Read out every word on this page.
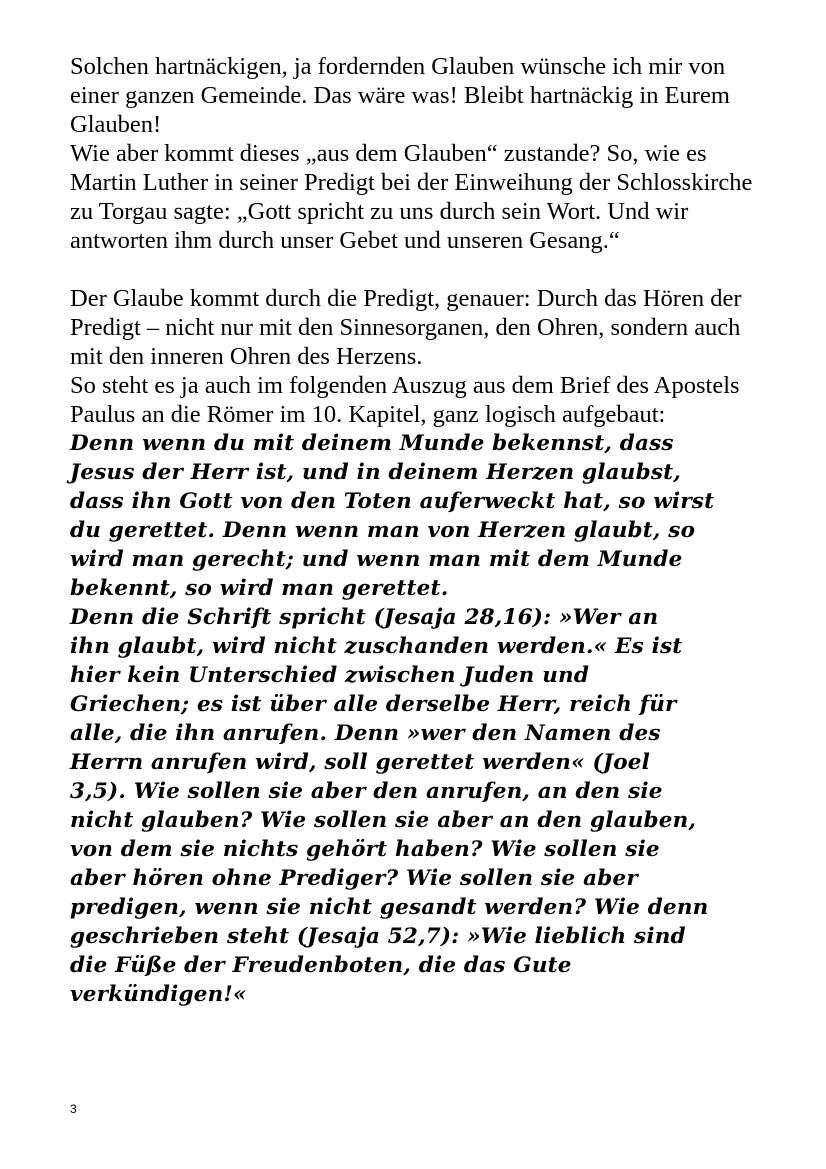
Solchen hartnäckigen, ja fordernden Glauben wünsche ich mir von
einer ganzen Gemeinde. Das wäre was! Bleibt hartnäckig in Eurem
Glauben!
Wie aber kommt dieses „aus dem Glauben“ zustande? So, wie es
Martin Luther in seiner Predigt bei der Einweihung der Schlosskirche
zu Torgau sagte: „Gott spricht zu uns durch sein Wort. Und wir
antworten ihm durch unser Gebet und unseren Gesang.“
Der Glaube kommt durch die Predigt, genauer: Durch das Hören der
Predigt – nicht nur mit den Sinnesorganen, den Ohren, sondern auch
mit den inneren Ohren des Herzens.
So steht es ja auch im folgenden Auszug aus dem Brief des Apostels
Paulus an die Römer im 10. Kapitel, ganz logisch aufgebaut:
Denn wenn du mit deinem Munde bekennst, dass
Jesus der Herr ist, und in deinem Herzen glaubst,
dass ihn Gott von den Toten auferweckt hat, so wirst
du gerettet. Denn wenn man von Herzen glaubt, so
wird man gerecht; und wenn man mit dem Munde
bekennt, so wird man gerettet.
Denn die Schrift spricht (Jesaja 28,16): »Wer an
ihn glaubt, wird nicht zuschanden werden.« Es ist
hier kein Unterschied zwischen Juden und
Griechen; es ist über alle derselbe Herr, reich für
alle, die ihn anrufen. Denn »wer den Namen des
Herrn anrufen wird, soll gerettet werden« (Joel
3,5). Wie sollen sie aber den anrufen, an den sie
nicht glauben? Wie sollen sie aber an den glauben,
von dem sie nichts gehört haben? Wie sollen sie
aber hören ohne Prediger? Wie sollen sie aber
predigen, wenn sie nicht gesandt werden? Wie denn
geschrieben steht (Jesaja 52,7): »Wie lieblich sind
die Füße der Freudenboten, die das Gute
verkündigen!«
3
